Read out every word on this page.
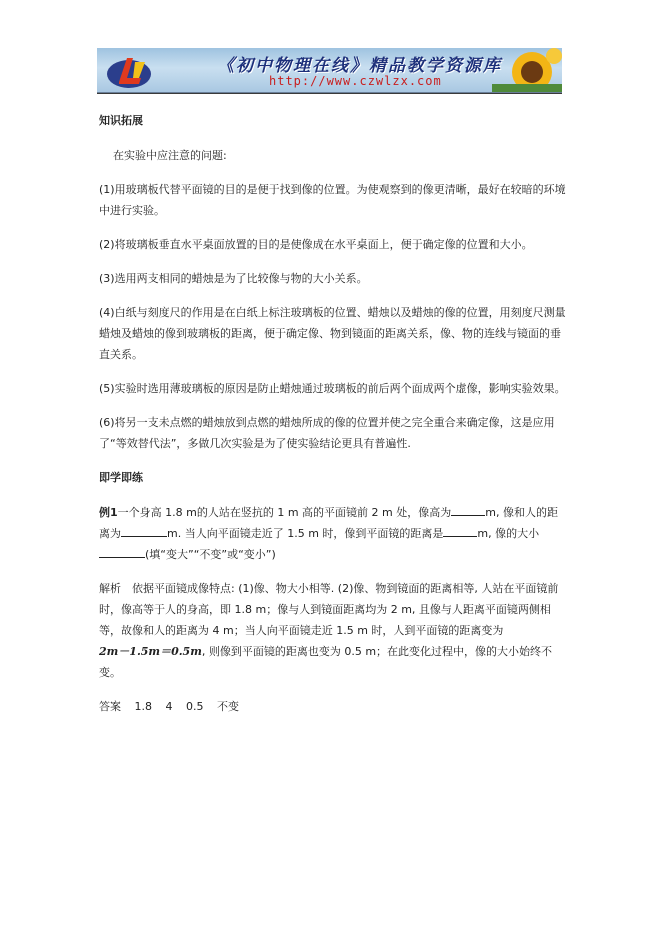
《初中物理在线》精品教学资源库
http://www.czwlzx.com
知识拓展

在实验中应注意的问题:

(1)用玻璃板代替平面镜的目的是便于找到像的位置。为使观察到的像更清晰，最好在较暗的环境中进行实验。

(2)将玻璃板垂直水平桌面放置的目的是使像成在水平桌面上，便于确定像的位置和大小。

(3)选用两支相同的蜡烛是为了比较像与物的大小关系。

(4)白纸与刻度尺的作用是在白纸上标注玻璃板的位置、蜡烛以及蜡烛的像的位置，用刻度尺测量蜡烛及蜡烛的像到玻璃板的距离，便于确定像、物到镜面的距离关系，像、物的连线与镜面的垂直关系。

(5)实验时选用薄玻璃板的原因是防止蜡烛通过玻璃板的前后两个面成两个虚像，影响实验效果。

(6)将另一支未点燃的蜡烛放到点燃的蜡烛所成的像的位置并使之完全重合来确定像，这是应用了“等效替代法”，多做几次实验是为了使实验结论更具有普遍性.

即学即练

例1一个身高 1.8 m的人站在竖抗的 1 m 高的平面镜前 2 m 处，像高为	m, 像和人的距离为	m. 当人向平面镜走近了 1.5 m 时，像到平面镜的距离是	m, 像的大小
(填“变大”“不变”或“变小”)

解析　依据平面镜成像特点: (1)像、物大小相等. (2)像、物到镜面的距离相等, 人站在平面镜前时，像高等于人的身高，即 1.8 m；像与人到镜面距离均为 2 m, 且像与人距离平面镜两侧相等，故像和人的距离为 4 m；当人向平面镜走近 1.5 m 时，人到平面镜的距离变为
2m－1.5m＝0.5m, 则像到平面镜的距离也变为 0.5 m；在此变化过程中，像的大小始终不变。

答案 1.8 4 0.5 不变
